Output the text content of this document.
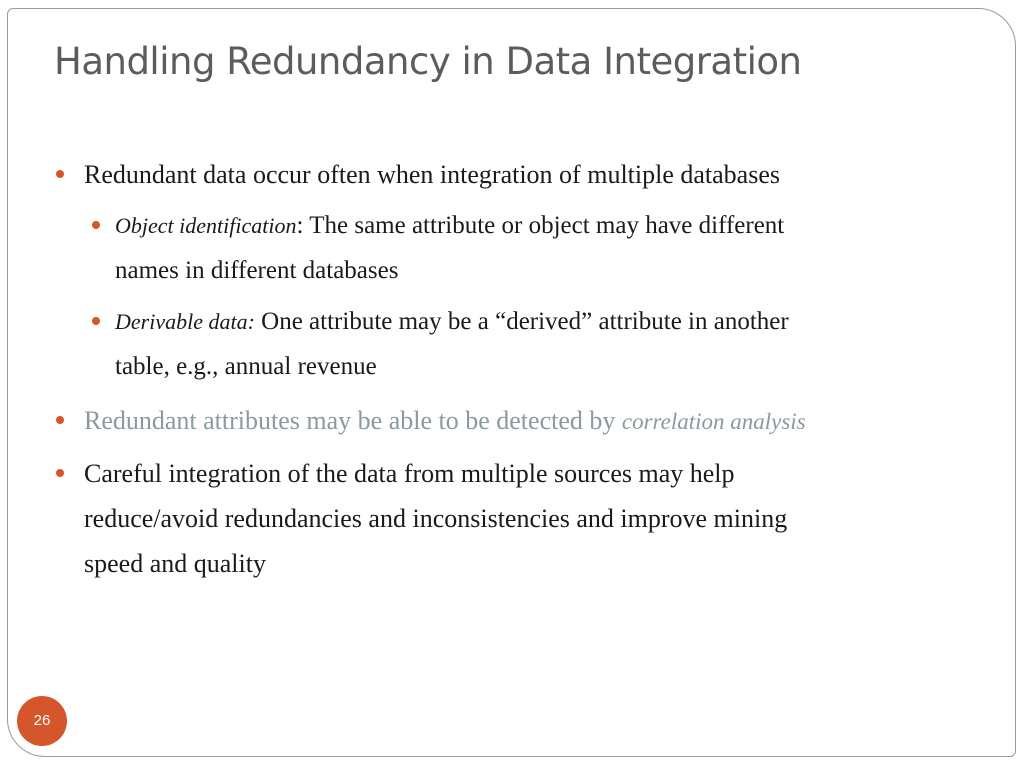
Handling Redundancy in Data Integration
Redundant data occur often when integration of multiple databases
Object identification: The same attribute or object may have different
names in different databases
Derivable data: One attribute may be a “derived” attribute in another
table, e.g., annual revenue
Redundant attributes may be able to be detected by correlation analysis
Careful integration of the data from multiple sources may help
reduce/avoid redundancies and inconsistencies and improve mining
speed and quality
26
